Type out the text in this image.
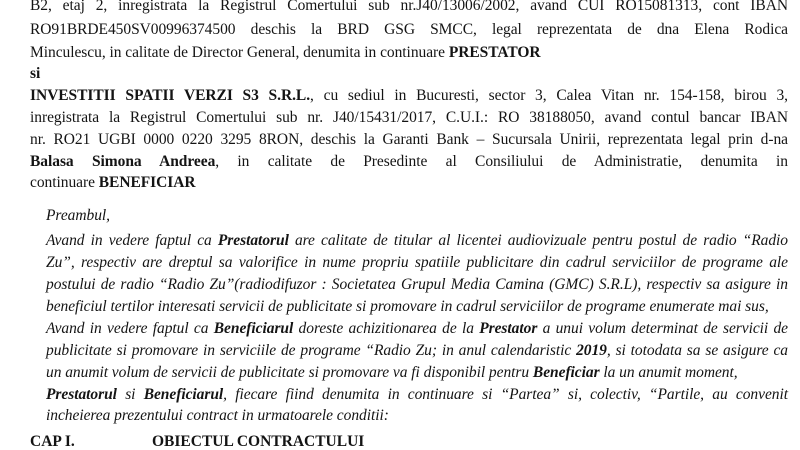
B2, etaj 2, inregistrata la Registrul Comertului sub nr.J40/13006/2002, avand CUI RO15081313, cont IBAN
RO91BRDE450SV00996374500 deschis la BRD GSG SMCC, legal reprezentata de dna Elena Rodica
Minculescu, in calitate de Director General, denumita in continuare PRESTATOR
si
INVESTITII SPATII VERZI S3 S.R.L., cu sediul in Bucuresti, sector 3, Calea Vitan nr. 154-158, birou 3,
inregistrata la Registrul Comertului sub nr. J40/15431/2017, C.U.I.: RO 38188050, avand contul bancar IBAN
nr. RO21 UGBI 0000 0220 3295 8RON, deschis la Garanti Bank – Sucursala Unirii, reprezentata legal prin d-na
Balasa Simona Andreea, in calitate de Presedinte al Consiliului de Administratie, denumita in
continuare BENEFICIAR
Preambul,
Avand in vedere faptul ca Prestatorul are calitate de titular al licentei audiovizuale pentru postul de radio “Radio
Zu”, respectiv are dreptul sa valorifice in nume propriu spatiile publicitare din cadrul serviciilor de programe ale
postului de radio “Radio Zu”(radiodifuzor : Societatea Grupul Media Camina (GMC) S.R.L), respectiv sa asigure in
beneficiul tertilor interesati servicii de publicitate si promovare in cadrul serviciilor de programe enumerate mai sus,
Avand in vedere faptul ca Beneficiarul doreste achizitionarea de la Prestator a unui volum determinat de servicii de
publicitate si promovare in serviciile de programe “Radio Zu; in anul calendaristic 2019, si totodata sa se asigure ca
un anumit volum de servicii de publicitate si promovare va fi disponibil pentru Beneficiar la un anumit moment,
Prestatorul si Beneficiarul, fiecare fiind denumita in continuare si “Partea” si, colectiv, “Partile, au convenit
incheierea prezentului contract in urmatoarele conditii:
CAP I.	OBIECTUL CONTRACTULUI
